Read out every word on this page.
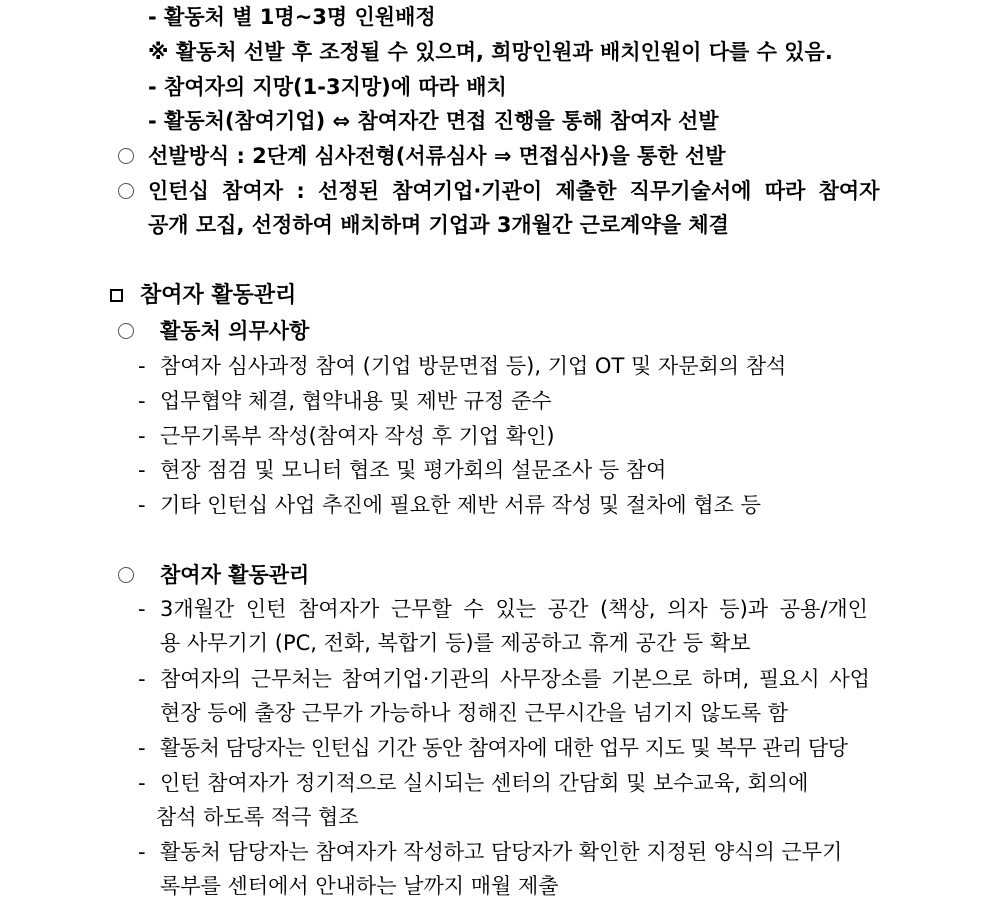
- 활동처 별 1명~3명 인원배정
※ 활동처 선발 후 조정될 수 있으며, 희망인원과 배치인원이 다를 수 있음.
- 참여자의 지망(1-3지망)에 따라 배치
- 활동처(참여기업) ⇔ 참여자간 면접 진행을 통해 참여자 선발
선발방식 : 2단계 심사전형(서류심사 ⇒ 면접심사)을 통한 선발
인턴십 참여자 : 선정된 참여기업·기관이 제출한 직무기술서에 따라 참여자
공개 모집, 선정하여 배치하며 기업과 3개월간 근로계약을 체결
참여자 활동관리
활동처 의무사항
- 참여자 심사과정 참여 (기업 방문면접 등), 기업 OT 및 자문회의 참석
- 업무협약 체결, 협약내용 및 제반 규정 준수
- 근무기록부 작성(참여자 작성 후 기업 확인)
- 현장 점검 및 모니터 협조 및 평가회의 설문조사 등 참여
- 기타 인턴십 사업 추진에 필요한 제반 서류 작성 및 절차에 협조 등
참여자 활동관리
- 3개월간 인턴 참여자가 근무할 수 있는 공간 (책상, 의자 등)과 공용/개인
용 사무기기 (PC, 전화, 복합기 등)를 제공하고 휴게 공간 등 확보
- 참여자의 근무처는 참여기업·기관의 사무장소를 기본으로 하며, 필요시 사업
현장 등에 출장 근무가 가능하나 정해진 근무시간을 넘기지 않도록 함
- 활동처 담당자는 인턴십 기간 동안 참여자에 대한 업무 지도 및 복무 관리 담당
- 인턴 참여자가 정기적으로 실시되는 센터의 간담회 및 보수교육, 회의에
참석 하도록 적극 협조
- 활동처 담당자는 참여자가 작성하고 담당자가 확인한 지정된 양식의 근무기
록부를 센터에서 안내하는 날까지 매월 제출
